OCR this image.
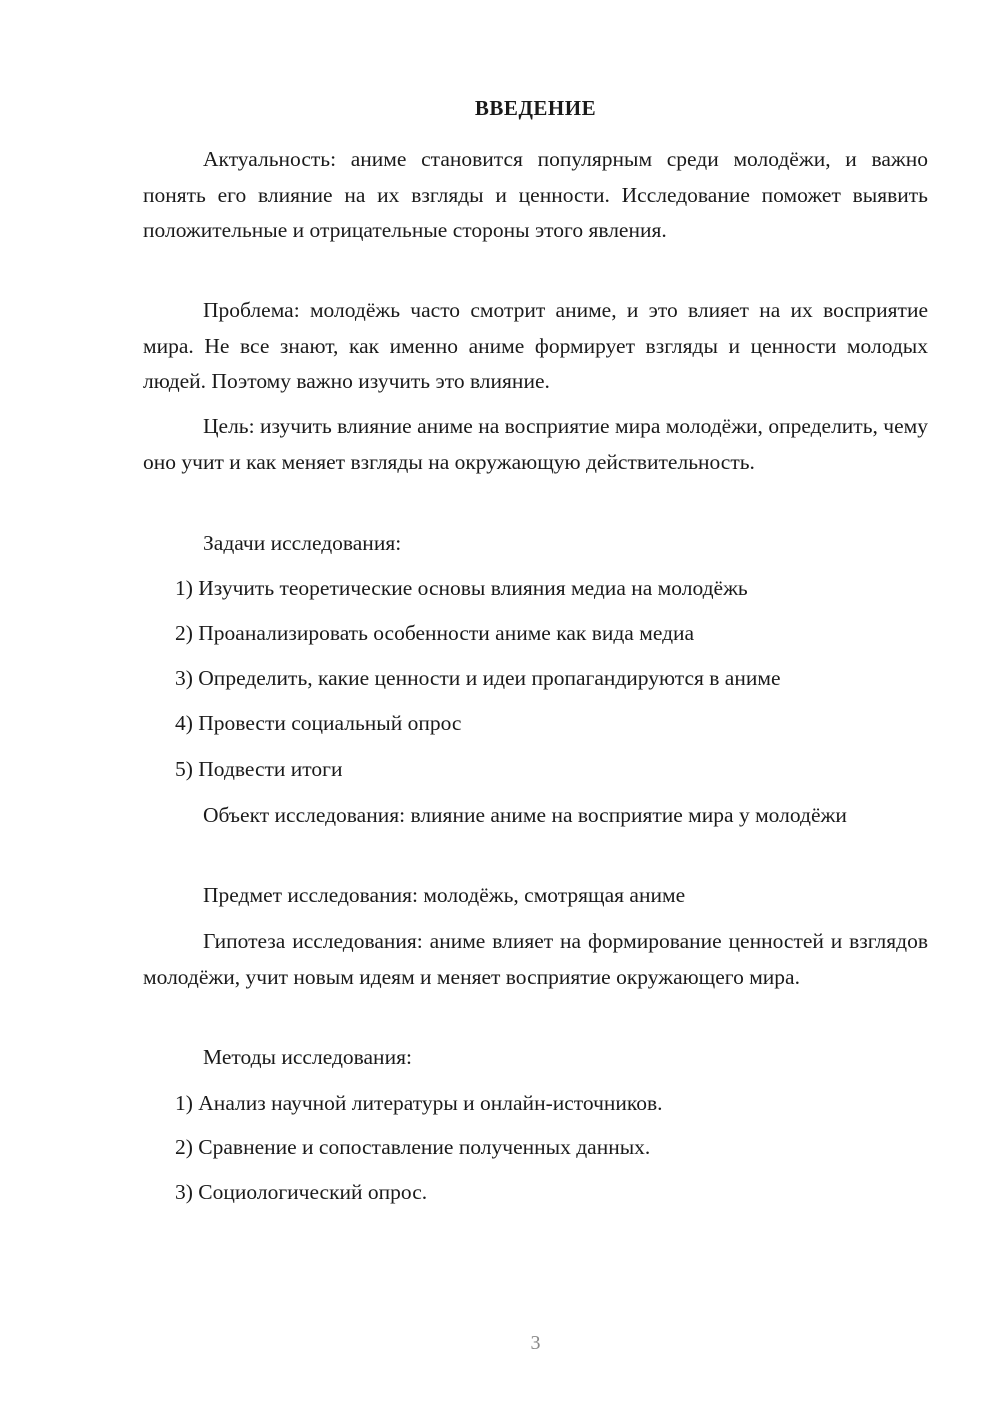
ВВЕДЕНИЕ

Актуальность: аниме становится популярным среди молодёжи, и важно понять его влияние на их взгляды и ценности. Исследование поможет выявить положительные и отрицательные стороны этого явления.

Проблема: молодёжь часто смотрит аниме, и это влияет на их восприятие мира. Не все знают, как именно аниме формирует взгляды и ценности молодых людей. Поэтому важно изучить это влияние.

Цель: изучить влияние аниме на восприятие мира молодёжи, определить, чему оно учит и как меняет взгляды на окружающую действительность.

Задачи исследования:

1) Изучить теоретические основы влияния медиа на молодёжь

2) Проанализировать особенности аниме как вида медиа

3) Определить, какие ценности и идеи пропагандируются в аниме

4) Провести социальный опрос

5) Подвести итоги

Объект исследования: влияние аниме на восприятие мира у молодёжи

Предмет исследования: молодёжь, смотрящая аниме

Гипотеза исследования: аниме влияет на формирование ценностей и взглядов молодёжи, учит новым идеям и меняет восприятие окружающего мира.

Методы исследования:

1) Анализ научной литературы и онлайн-источников.

2) Сравнение и сопоставление полученных данных.

3) Социологический опрос.

3
